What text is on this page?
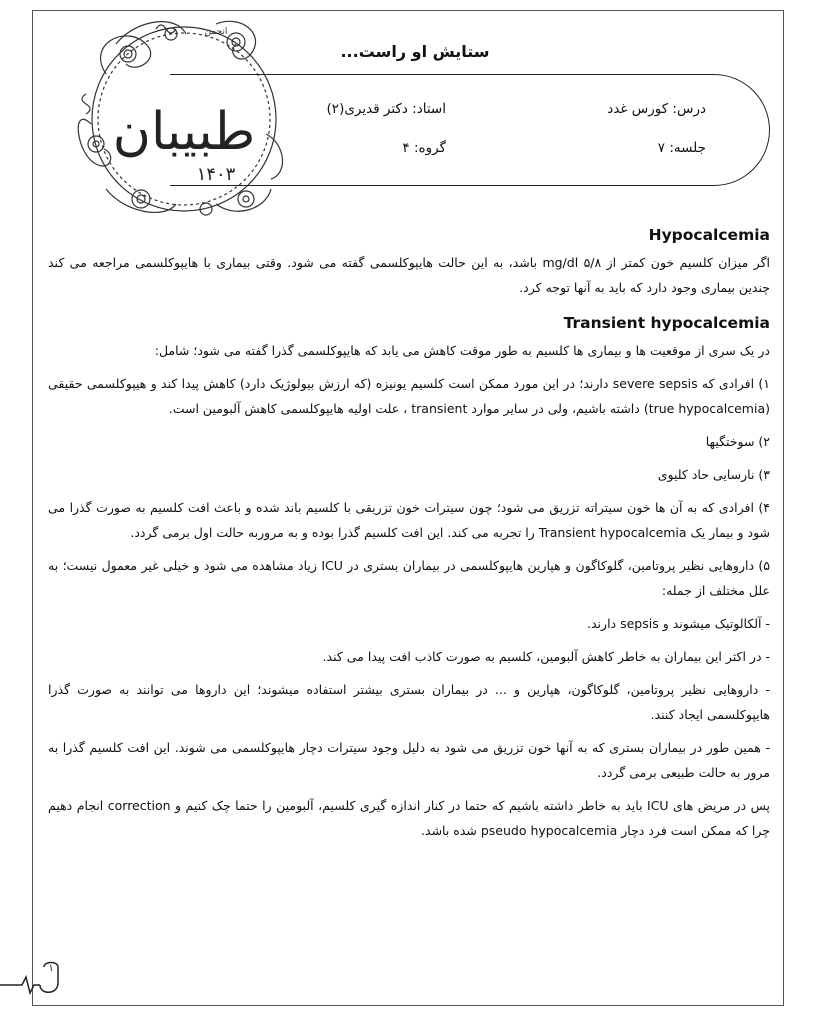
طبیبان
انجمن
۱۴۰۳
ستایش او راست...
درس: کورس غدد
استاد: دکتر قدیری(۲)
جلسه: ۷
گروه: ۴
Hypocalcemia

اگر میزان کلسیم خون کمتر از mg/dl ۵/۸ باشد، به این حالت هایپوکلسمی گفته می شود. وقتی بیماری با هایپوکلسمی مراجعه می کند چندین بیماری وجود دارد که باید به آنها توجه کرد.

Transient hypocalcemia

در یک سری از موقعیت ها و بیماری ها کلسیم به طور موقت کاهش می یابد که هایپوکلسمی گذرا گفته می شود؛ شامل:

۱) افرادی که severe sepsis دارند؛ در این مورد ممکن است کلسیم یونیزه (که ارزش بیولوژیک دارد) کاهش پیدا کند و هیپوکلسمی حقیقی (true hypocalcemia) داشته باشیم، ولی در سایر موارد transient ، علت اولیه هایپوکلسمی کاهش آلبومین است.

۲) سوختگیها

۳) نارسایی حاد کلیوی

۴) افرادی که به آن ها خون سیتراته تزریق می شود؛ چون سیترات خون تزریقی با کلسیم باند شده و باعث افت کلسیم به صورت گذرا می شود و بیمار یک Transient hypocalcemia را تجربه می کند. این افت کلسیم گذرا بوده و به مروربه حالت اول برمی گردد.

۵) داروهایی نظیر پروتامین، گلوکاگون و هپارین هایپوکلسمی در بیماران بستری در ICU زیاد مشاهده می شود و خیلی غیر معمول نیست؛ به علل مختلف از جمله:

- آلکالوتیک میشوند و sepsis دارند.

- در اکثر این بیماران به خاطر کاهش آلبومین، کلسیم به صورت کاذب افت پیدا می کند.

- داروهایی نظیر پروتامین، گلوکاگون، هپارین و ... در بیماران بستری بیشتر استفاده میشوند؛ این داروها می توانند به صورت گذرا هایپوکلسمی ایجاد کنند.

- همین طور در بیماران بستری که به آنها خون تزریق می شود به دلیل وجود سیترات دچار هایپوکلسمی می شوند. این افت کلسیم گذرا به مرور به حالت طبیعی برمی گردد.

پس در مریض های ICU باید به خاطر داشته باشیم که حتما در کنار اندازه گیری کلسیم، آلبومین را حتما چک کنیم و correction انجام دهیم چرا که ممکن است فرد دچار pseudo hypocalcemia شده باشد.

۱
